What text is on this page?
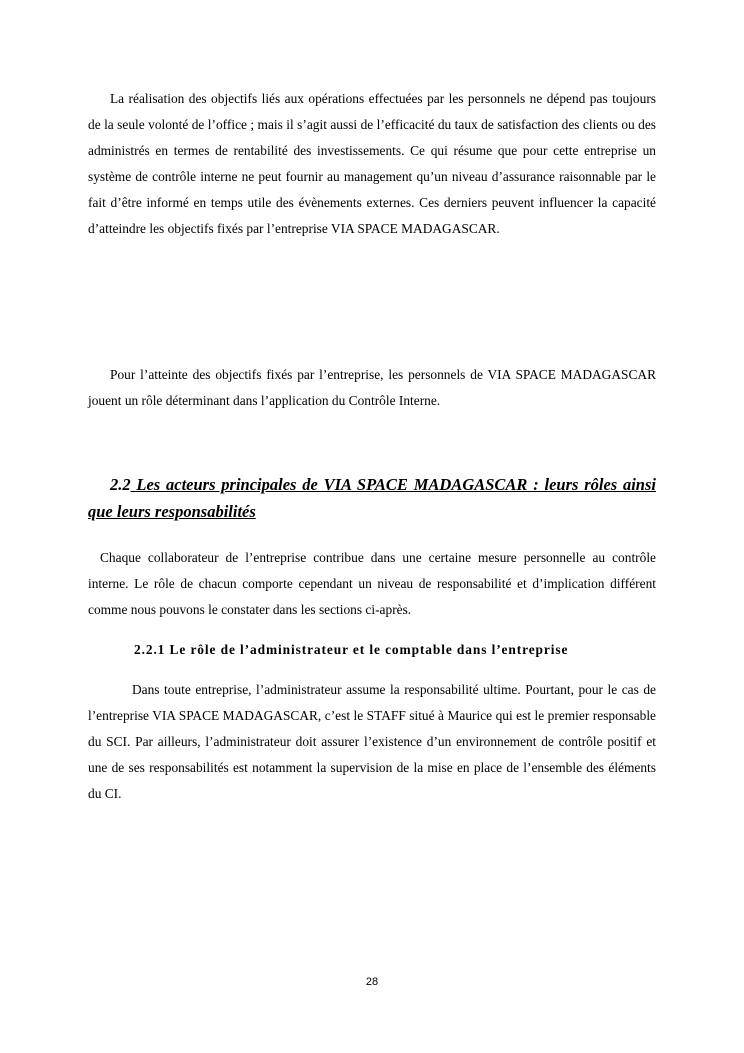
La réalisation des objectifs liés aux opérations effectuées par les personnels ne dépend pas toujours de la seule volonté de l’office ; mais il s’agit aussi de l’efficacité du taux de satisfaction des clients ou des administrés en termes de rentabilité des investissements. Ce qui résume que pour cette entreprise un système de contrôle interne ne peut fournir au management qu’un niveau d’assurance raisonnable par le fait d’être informé en temps utile des évènements externes. Ces derniers peuvent influencer la capacité d’atteindre les objectifs fixés par l’entreprise VIA SPACE MADAGASCAR.

Pour l’atteinte des objectifs fixés par l’entreprise, les personnels de VIA SPACE MADAGASCAR jouent un rôle déterminant dans l’application du Contrôle Interne.

2.2 Les acteurs principales de VIA SPACE MADAGASCAR : leurs rôles ainsi que leurs responsabilités

Chaque collaborateur de l’entreprise contribue dans une certaine mesure personnelle au contrôle interne. Le rôle de chacun comporte cependant un niveau de responsabilité et d’implication différent comme nous pouvons le constater dans les sections ci-après.

2.2.1 Le rôle de l’administrateur et le comptable dans l’entreprise

Dans toute entreprise, l’administrateur assume la responsabilité ultime. Pourtant, pour le cas de l’entreprise VIA SPACE MADAGASCAR, c’est le STAFF situé à Maurice qui est le premier responsable du SCI. Par ailleurs, l’administrateur doit assurer l’existence d’un environnement de contrôle positif et une de ses responsabilités est notamment la supervision de la mise en place de l’ensemble des éléments du CI.

28
